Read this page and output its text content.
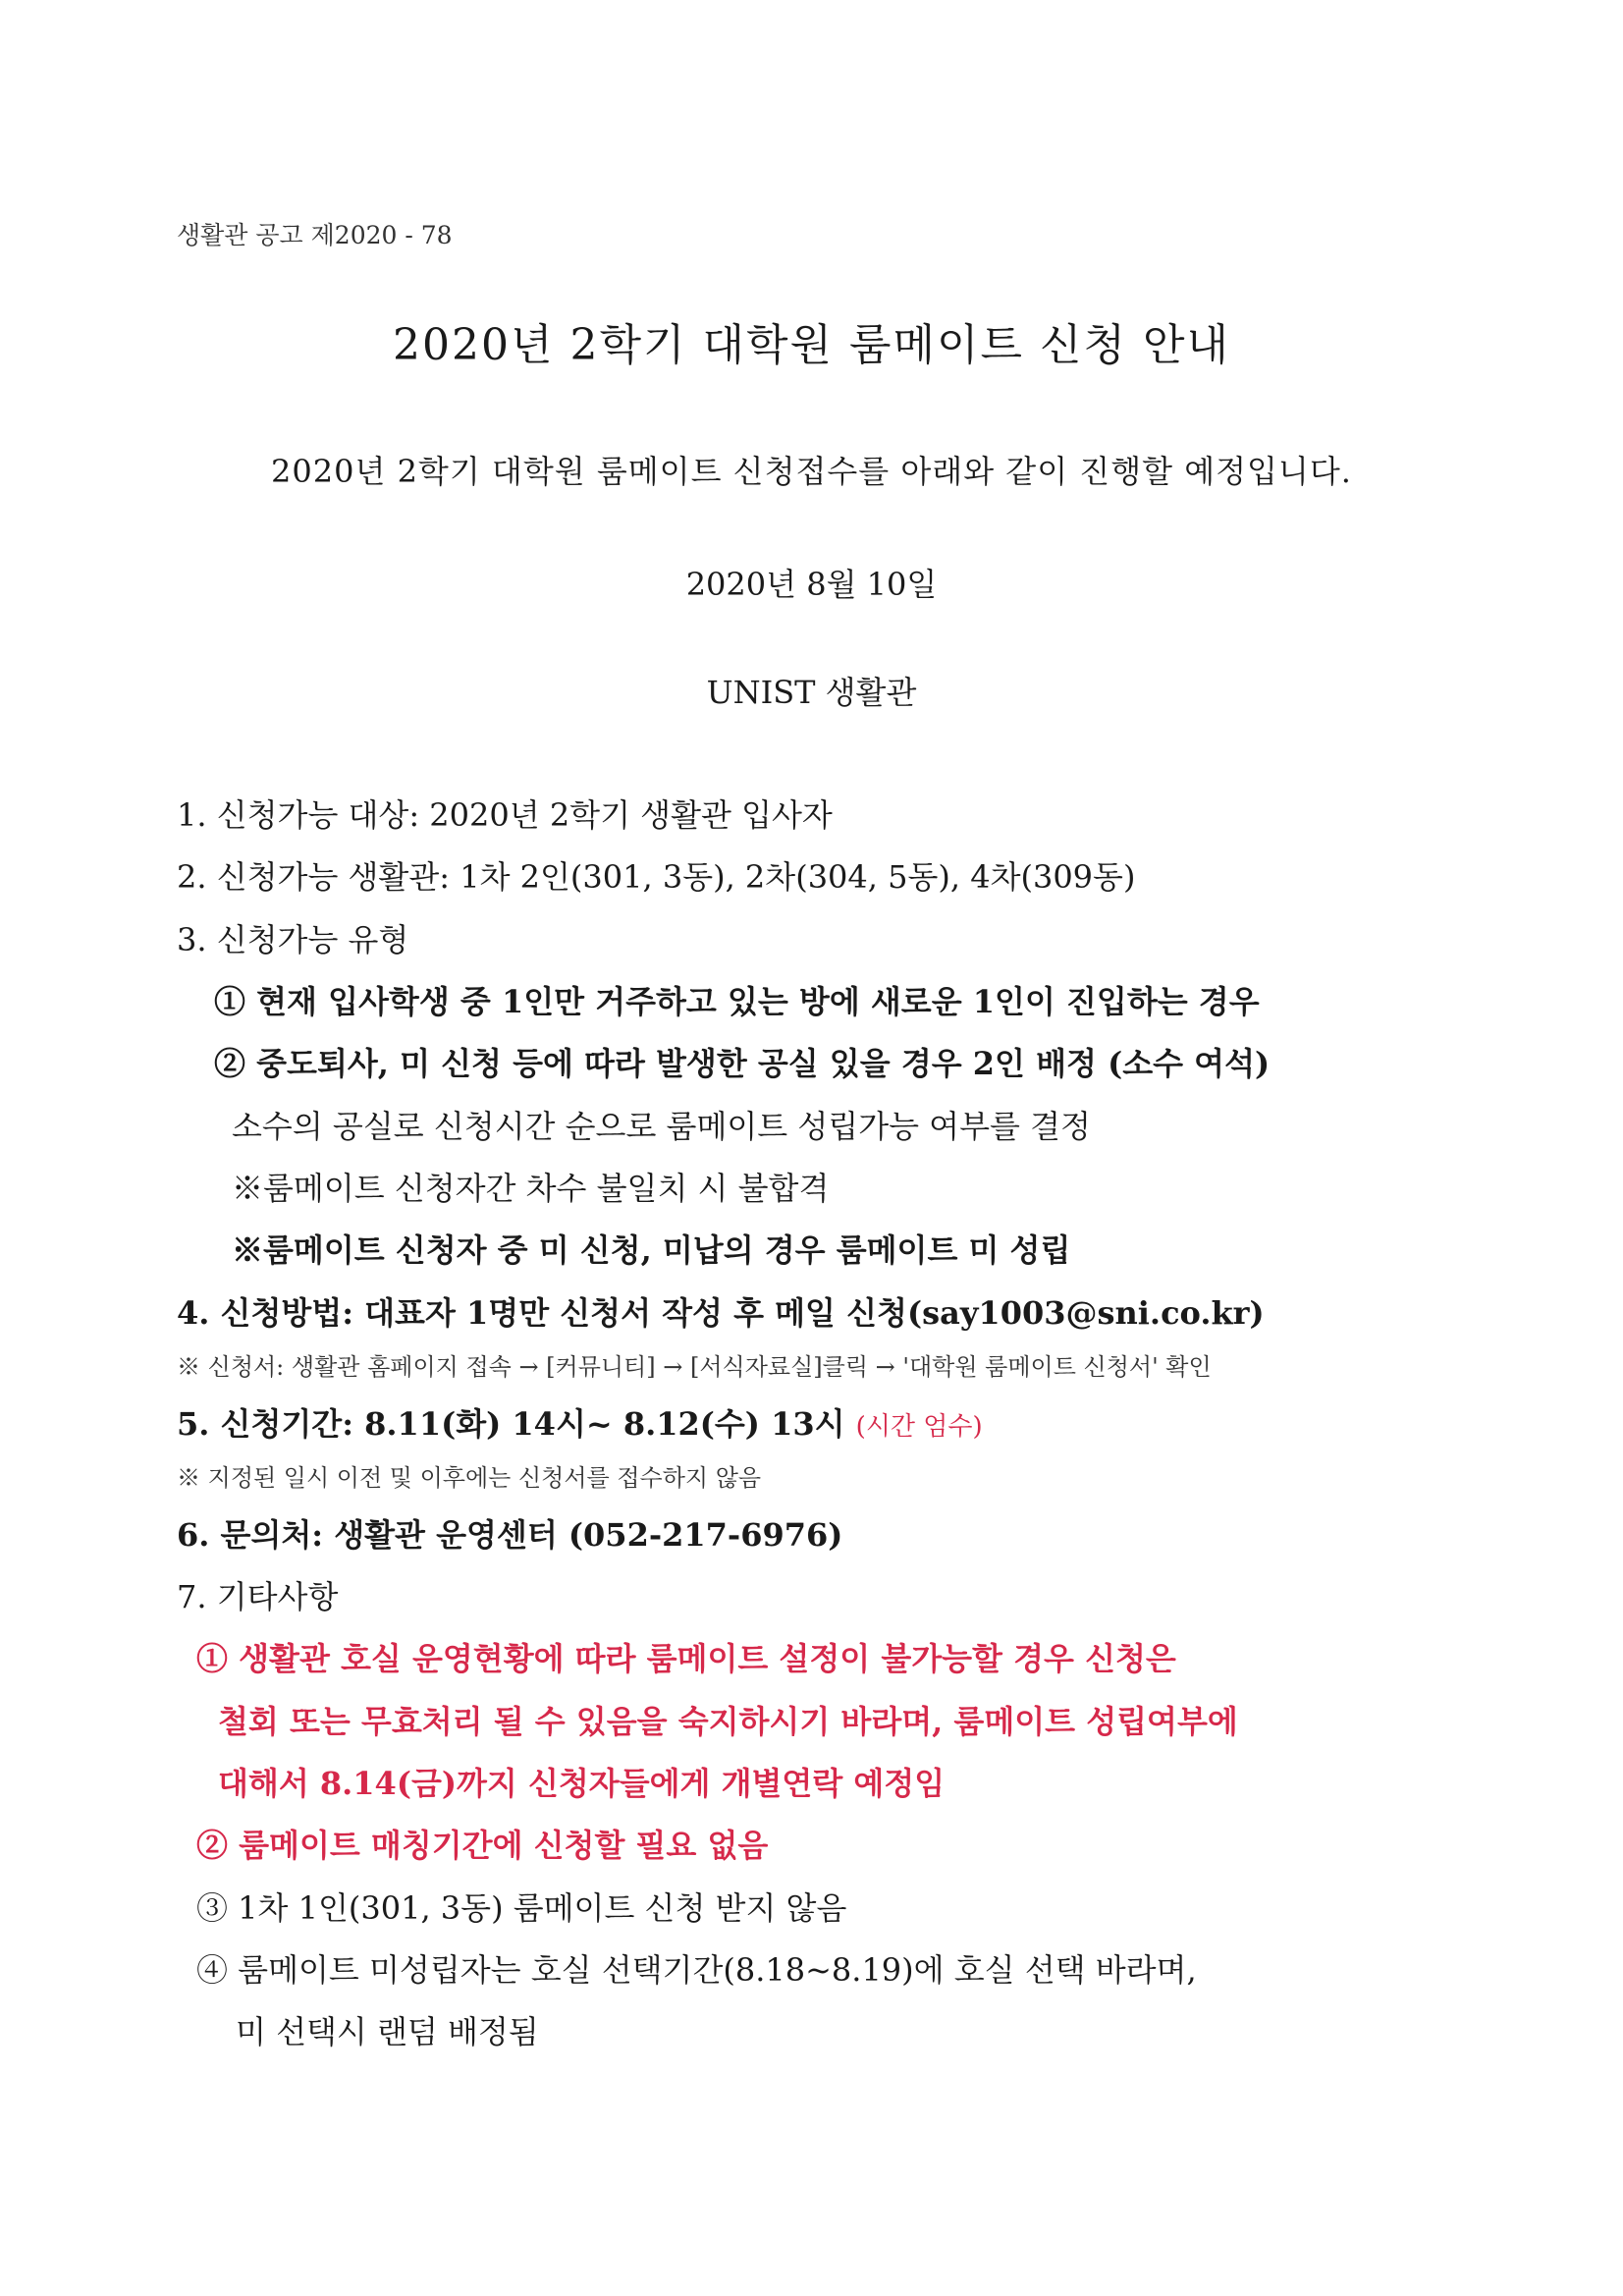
생활관 공고 제2020 - 78
2020년 2학기 대학원 룸메이트 신청 안내
2020년 2학기 대학원 룸메이트 신청접수를 아래와 같이 진행할 예정입니다.
2020년 8월 10일
UNIST 생활관
1. 신청가능 대상: 2020년 2학기 생활관 입사자
2. 신청가능 생활관: 1차 2인(301, 3동), 2차(304, 5동), 4차(309동)
3. 신청가능 유형
① 현재 입사학생 중 1인만 거주하고 있는 방에 새로운 1인이 진입하는 경우
② 중도퇴사, 미 신청 등에 따라 발생한 공실 있을 경우 2인 배정 (소수 여석)
소수의 공실로 신청시간 순으로 룸메이트 성립가능 여부를 결정
※룸메이트 신청자간 차수 불일치 시 불합격
※룸메이트 신청자 중 미 신청, 미납의 경우 룸메이트 미 성립
4. 신청방법: 대표자 1명만 신청서 작성 후 메일 신청(say1003@sni.co.kr)
※ 신청서: 생활관 홈페이지 접속 → [커뮤니티] → [서식자료실]클릭 → '대학원 룸메이트 신청서' 확인
5. 신청기간: 8.11(화) 14시~ 8.12(수) 13시 (시간 엄수)
※ 지정된 일시 이전 및 이후에는 신청서를 접수하지 않음
6. 문의처: 생활관 운영센터 (052-217-6976)
7. 기타사항
① 생활관 호실 운영현황에 따라 룸메이트 설정이 불가능할 경우 신청은
철회 또는 무효처리 될 수 있음을 숙지하시기 바라며, 룸메이트 성립여부에
대해서 8.14(금)까지 신청자들에게 개별연락 예정임
② 룸메이트 매칭기간에 신청할 필요 없음
③ 1차 1인(301, 3동) 룸메이트 신청 받지 않음
④ 룸메이트 미성립자는 호실 선택기간(8.18~8.19)에 호실 선택 바라며,
미 선택시 랜덤 배정됨
